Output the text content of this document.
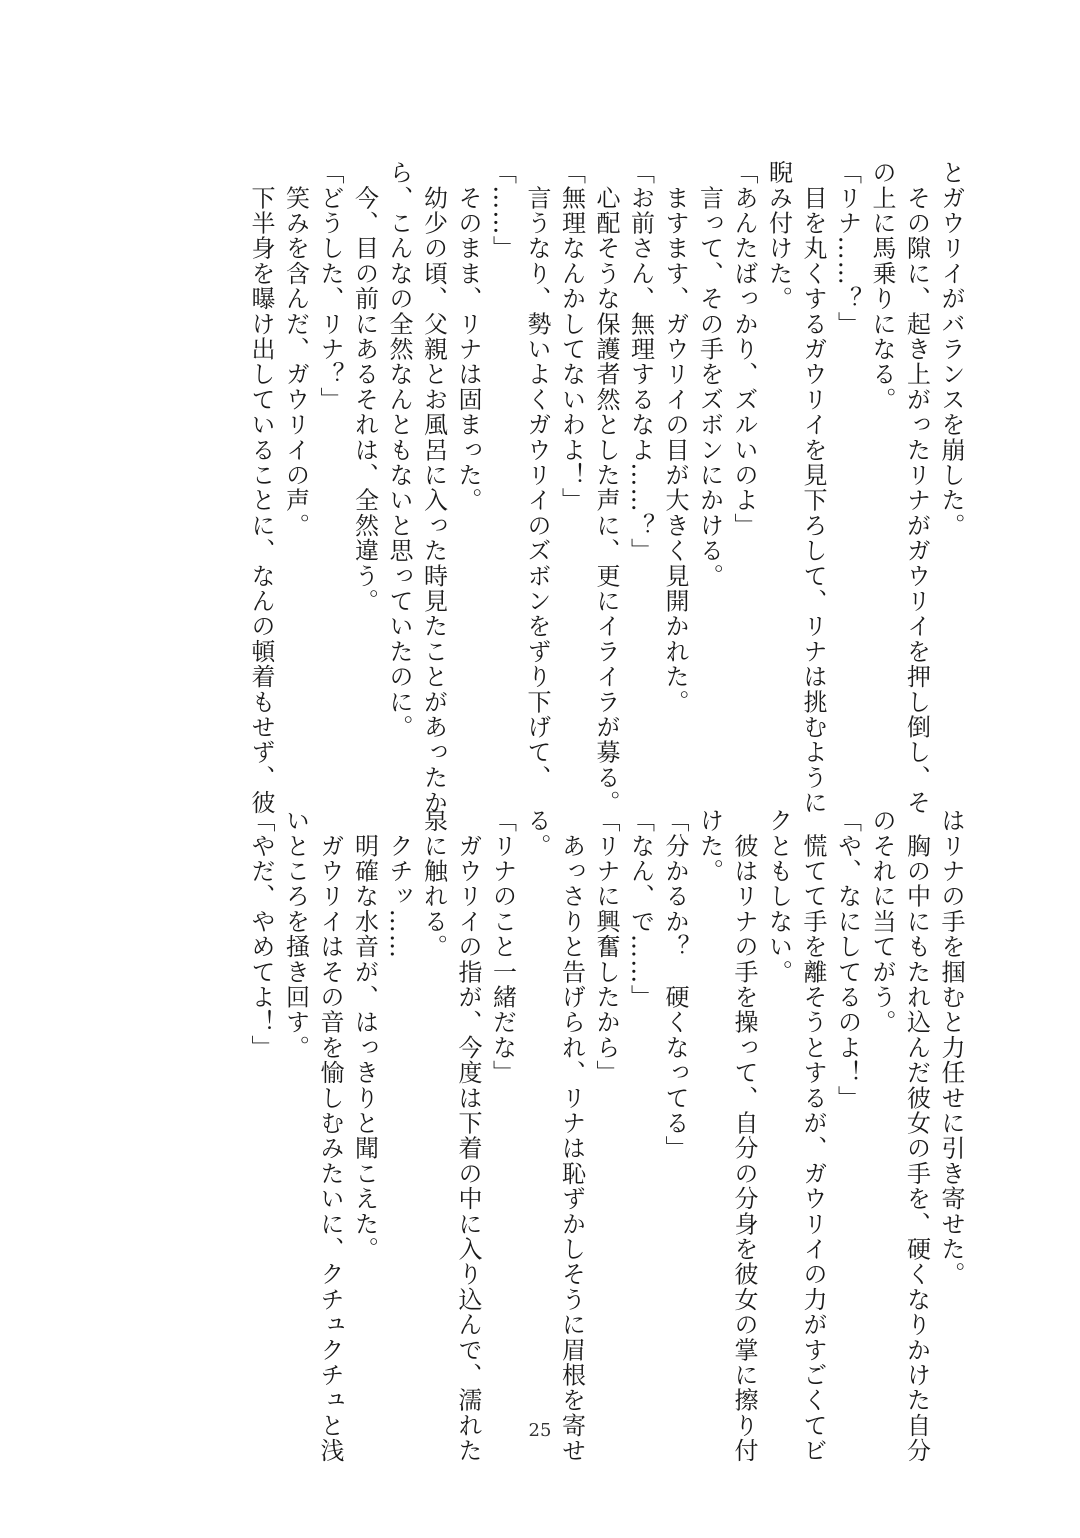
とガウリイがバランスを崩した。
　その隙に、起き上がったリナがガウリイを押し倒し、そ
の上に馬乗りになる。
「リナ……？」
　目を丸くするガウリイを見下ろして、リナは挑むように
睨み付けた。
「あんたばっかり、ズルいのよ」
　言って、その手をズボンにかける。
　ますます、ガウリイの目が大きく見開かれた。
「お前さん、無理するなよ……？」
　心配そうな保護者然とした声に、更にイライラが募る。
「無理なんかしてないわよ！」
　言うなり、勢いよくガウリイのズボンをずり下げて、
「……」
　そのまま、リナは固まった。
　幼少の頃、父親とお風呂に入った時見たことがあったか
ら、こんなの全然なんともないと思っていたのに。
　今、目の前にあるそれは、全然違う。
「どうした、リナ？」
　笑みを含んだ、ガウリイの声。
　下半身を曝け出していることに、なんの頓着もせず、彼
はリナの手を掴むと力任せに引き寄せた。
　胸の中にもたれ込んだ彼女の手を、硬くなりかけた自分
のそれに当てがう。
「や、なにしてるのよ！」
　慌てて手を離そうとするが、ガウリイの力がすごくてビ
クともしない。
　彼はリナの手を操って、自分の分身を彼女の掌に擦り付
けた。
「分かるか？　硬くなってる」
「なん、で……」
「リナに興奮したから」
　あっさりと告げられ、リナは恥ずかしそうに眉根を寄せ
る。
「リナのこと一緒だな」
　ガウリイの指が、今度は下着の中に入り込んで、濡れた
泉に触れる。
　クチッ……
　明確な水音が、はっきりと聞こえた。
　ガウリイはその音を愉しむみたいに、クチュクチュと浅
いところを掻き回す。
「やだ、やめてよ！」
25
